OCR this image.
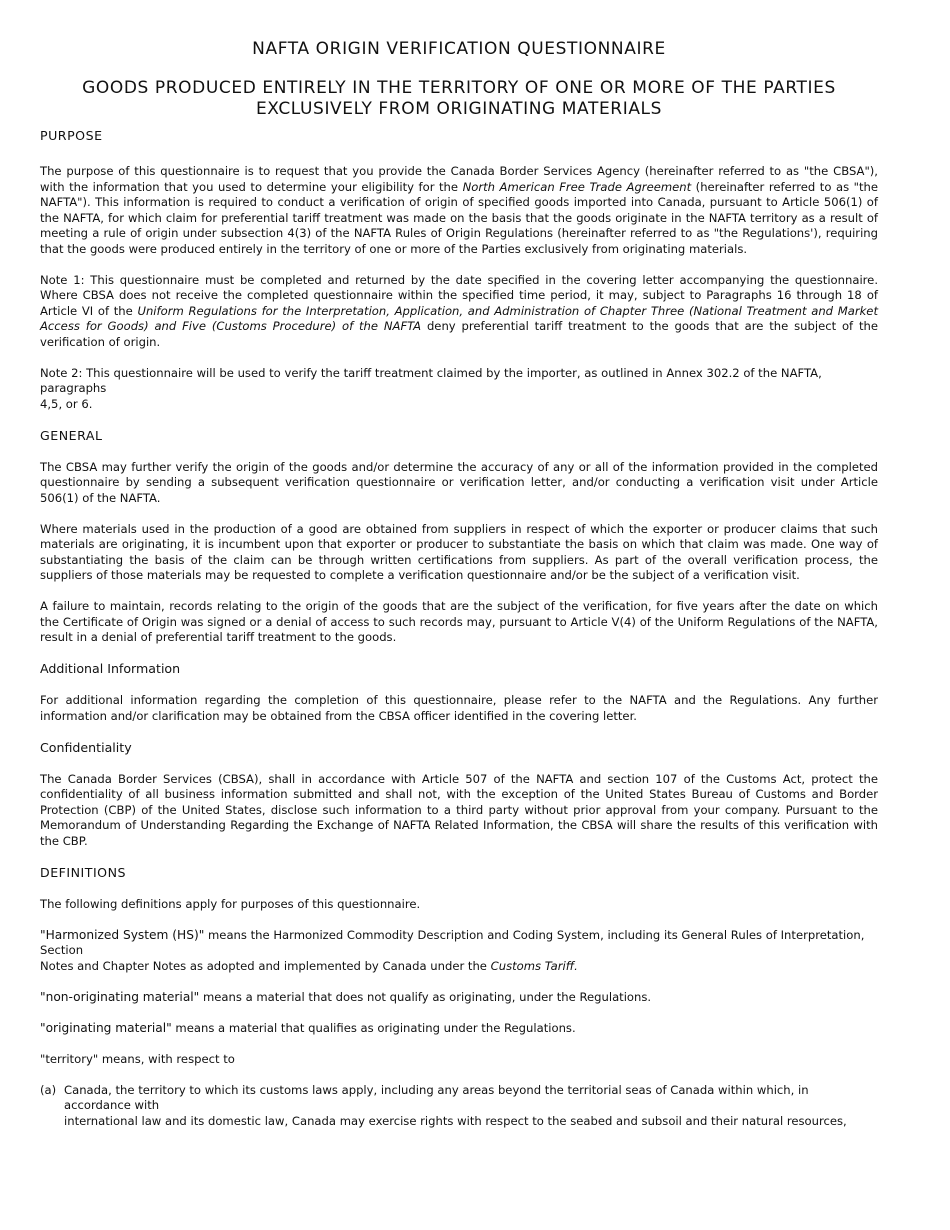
NAFTA ORIGIN VERIFICATION QUESTIONNAIRE
GOODS PRODUCED ENTIRELY IN THE TERRITORY OF ONE OR MORE OF THE PARTIES
EXCLUSIVELY FROM ORIGINATING MATERIALS
PURPOSE

The purpose of this questionnaire is to request that you provide the Canada Border Services Agency (hereinafter referred to as "the CBSA"), with the information that you used to determine your eligibility for the North American Free Trade Agreement (hereinafter referred to as "the NAFTA"). This information is required to conduct a verification of origin of specified goods imported into Canada, pursuant to Article 506(1) of the NAFTA, for which claim for preferential tariff treatment was made on the basis that the goods originate in the NAFTA territory as a result of meeting a rule of origin under subsection 4(3) of the NAFTA Rules of Origin Regulations (hereinafter referred to as "the Regulations'), requiring that the goods were produced entirely in the territory of one or more of the Parties exclusively from originating materials.

Note 1: This questionnaire must be completed and returned by the date specified in the covering letter accompanying the questionnaire. Where CBSA does not receive the completed questionnaire within the specified time period, it may, subject to Paragraphs 16 through 18 of Article VI of the Uniform Regulations for the Interpretation, Application, and Administration of Chapter Three (National Treatment and Market Access for Goods) and Five (Customs Procedure) of the NAFTA deny preferential tariff treatment to the goods that are the subject of the verification of origin.

Note 2: This questionnaire will be used to verify the tariff treatment claimed by the importer, as outlined in Annex 302.2 of the NAFTA, paragraphs
4,5, or 6.

GENERAL

The CBSA may further verify the origin of the goods and/or determine the accuracy of any or all of the information provided in the completed questionnaire by sending a subsequent verification questionnaire or verification letter, and/or conducting a verification visit under Article 506(1) of the NAFTA.

Where materials used in the production of a good are obtained from suppliers in respect of which the exporter or producer claims that such materials are originating, it is incumbent upon that exporter or producer to substantiate the basis on which that claim was made. One way of substantiating the basis of the claim can be through written certifications from suppliers. As part of the overall verification process, the suppliers of those materials may be requested to complete a verification questionnaire and/or be the subject of a verification visit.

A failure to maintain, records relating to the origin of the goods that are the subject of the verification, for five years after the date on which the Certificate of Origin was signed or a denial of access to such records may, pursuant to Article V(4) of the Uniform Regulations of the NAFTA, result in a denial of preferential tariff treatment to the goods.

Additional Information

For additional information regarding the completion of this questionnaire, please refer to the NAFTA and the Regulations. Any further information and/or clarification may be obtained from the CBSA officer identified in the covering letter.

Confidentiality

The Canada Border Services (CBSA), shall in accordance with Article 507 of the NAFTA and section 107 of the Customs Act, protect the confidentiality of all business information submitted and shall not, with the exception of the United States Bureau of Customs and Border Protection (CBP) of the United States, disclose such information to a third party without prior approval from your company. Pursuant to the Memorandum of Understanding Regarding the Exchange of NAFTA Related Information, the CBSA will share the results of this verification with the CBP.

DEFINITIONS

The following definitions apply for purposes of this questionnaire.

"Harmonized System (HS)" means the Harmonized Commodity Description and Coding System, including its General Rules of Interpretation, Section
Notes and Chapter Notes as adopted and implemented by Canada under the Customs Tariff.

"non-originating material" means a material that does not qualify as originating, under the Regulations.

"originating material" means a material that qualifies as originating under the Regulations.

"territory" means, with respect to

(a) Canada, the territory to which its customs laws apply, including any areas beyond the territorial seas of Canada within which, in accordance with
international law and its domestic law, Canada may exercise rights with respect to the seabed and subsoil and their natural resources,
